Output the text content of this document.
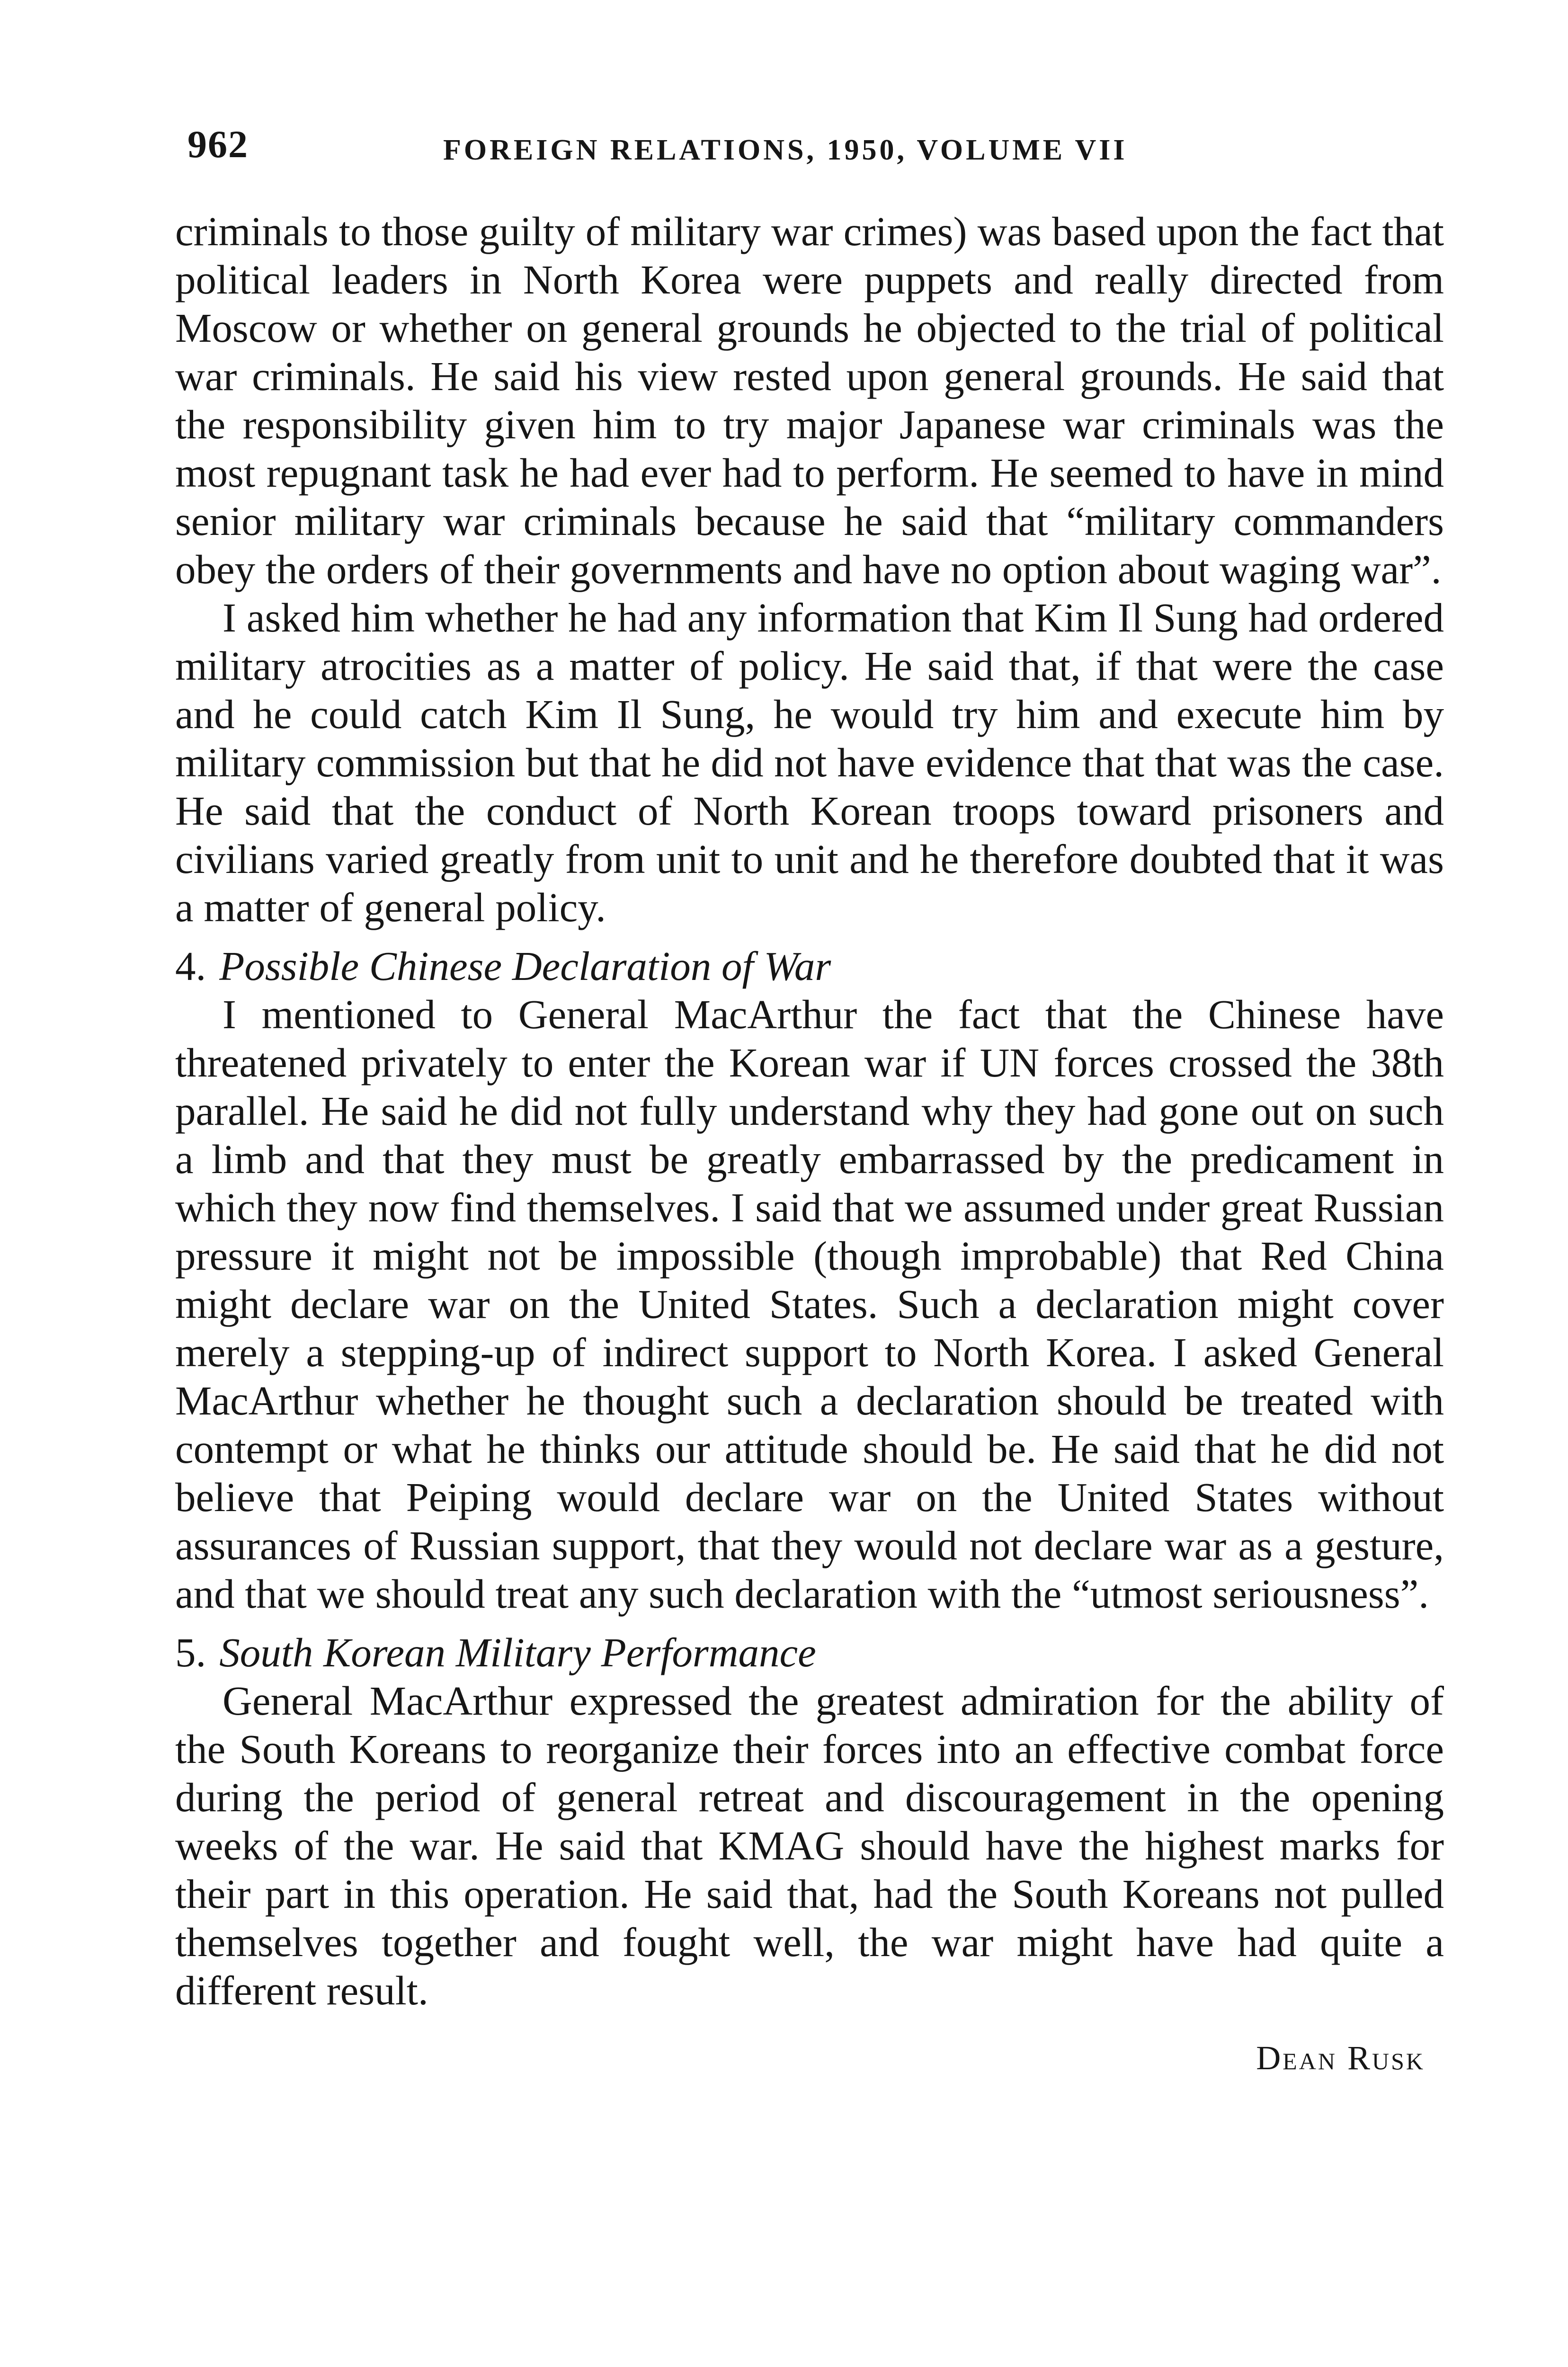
962	FOREIGN RELATIONS, 1950, VOLUME VII

criminals to those guilty of military war crimes) was based upon the fact that political leaders in North Korea were puppets and really directed from Moscow or whether on general grounds he objected to the trial of political war criminals. He said his view rested upon general grounds. He said that the responsibility given him to try major Japanese war criminals was the most repugnant task he had ever had to perform. He seemed to have in mind senior military war criminals because he said that “military commanders obey the orders of their governments and have no option about waging war”.

I asked him whether he had any information that Kim Il Sung had ordered military atrocities as a matter of policy. He said that, if that were the case and he could catch Kim Il Sung, he would try him and execute him by military commission but that he did not have evidence that that was the case. He said that the conduct of North Korean troops toward prisoners and civilians varied greatly from unit to unit and he therefore doubted that it was a matter of general policy.

4. Possible Chinese Declaration of War

I mentioned to General MacArthur the fact that the Chinese have threatened privately to enter the Korean war if UN forces crossed the 38th parallel. He said he did not fully understand why they had gone out on such a limb and that they must be greatly embarrassed by the predicament in which they now find themselves. I said that we assumed under great Russian pressure it might not be impossible (though improbable) that Red China might declare war on the United States. Such a declaration might cover merely a stepping-up of indirect support to North Korea. I asked General MacArthur whether he thought such a declaration should be treated with contempt or what he thinks our attitude should be. He said that he did not believe that Peiping would declare war on the United States without assurances of Russian support, that they would not declare war as a gesture, and that we should treat any such declaration with the “utmost seriousness”.

5. South Korean Military Performance

General MacArthur expressed the greatest admiration for the ability of the South Koreans to reorganize their forces into an effective combat force during the period of general retreat and discouragement in the opening weeks of the war. He said that KMAG should have the highest marks for their part in this operation. He said that, had the South Koreans not pulled themselves together and fought well, the war might have had quite a different result.

Dean Rusk
